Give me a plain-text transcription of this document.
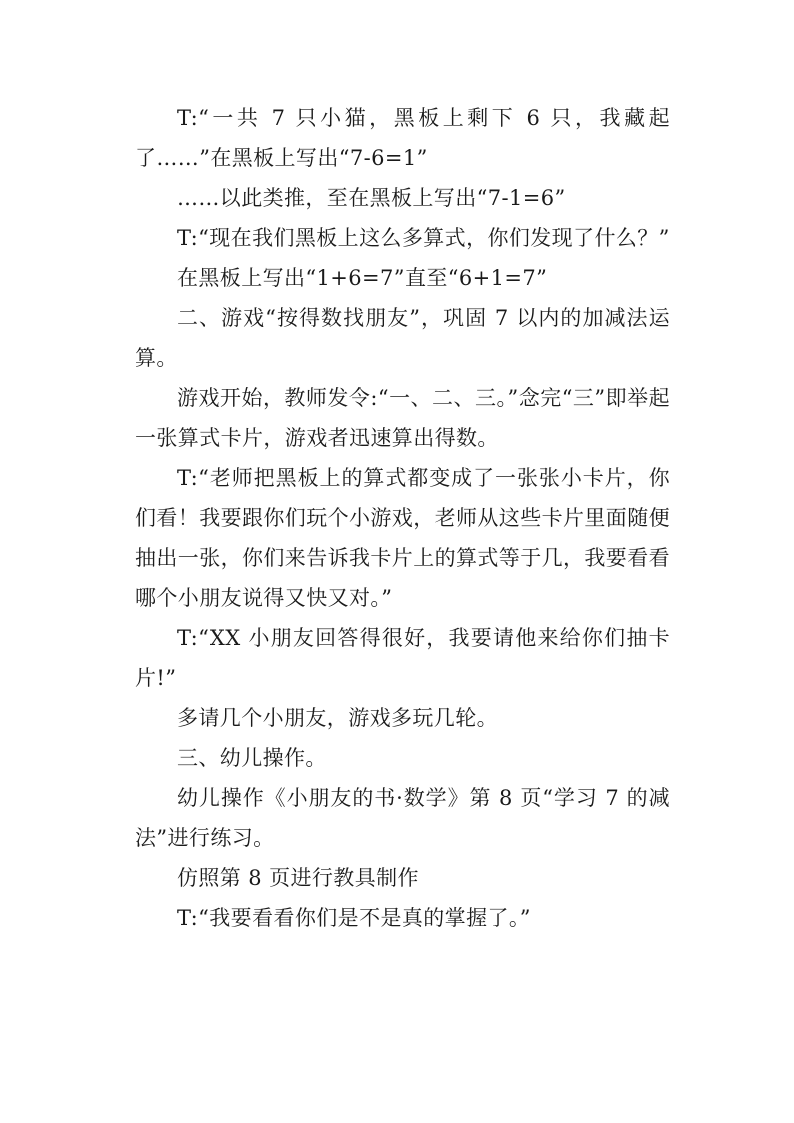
T:“一共 7 只小猫，黑板上剩下 6 只，我藏起了……”在黑板上写出“7-6=1”

……以此类推，至在黑板上写出“7-1=6”

T:“现在我们黑板上这么多算式，你们发现了什么？”

在黑板上写出“1+6=7”直至“6+1=7”

二、游戏“按得数找朋友”，巩固 7 以内的加减法运算。

游戏开始，教师发令:“一、二、三。”念完“三”即举起一张算式卡片，游戏者迅速算出得数。

T:“老师把黑板上的算式都变成了一张张小卡片，你们看！我要跟你们玩个小游戏，老师从这些卡片里面随便抽出一张，你们来告诉我卡片上的算式等于几，我要看看哪个小朋友说得又快又对。”

T:“XX 小朋友回答得很好，我要请他来给你们抽卡片!”

多请几个小朋友，游戏多玩几轮。

三、幼儿操作。

幼儿操作《小朋友的书·数学》第 8 页“学习 7 的减法”进行练习。

仿照第 8 页进行教具制作

T:“我要看看你们是不是真的掌握了。”
